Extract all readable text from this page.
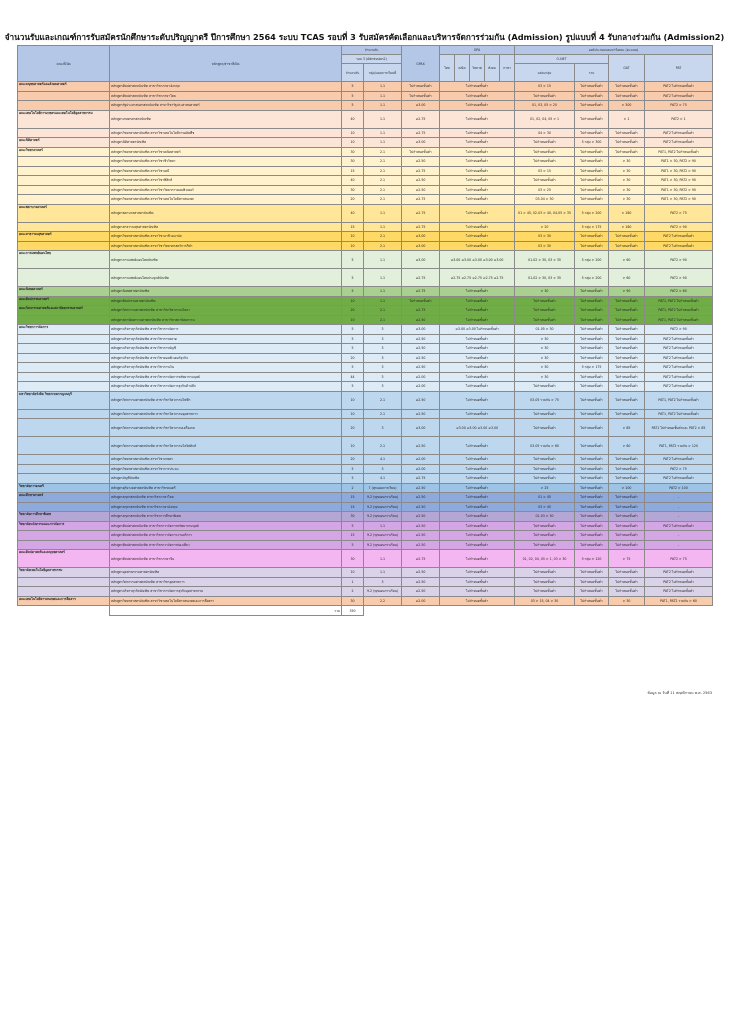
จำนวนรับและเกณฑ์การรับสมัครนักศึกษาระดับปริญญาตรี ปีการศึกษา 2564 ระบบ TCAS รอบที่ 3 รับสมัครคัดเลือกและบริหารจัดการร่วมกัน (Admission) รูปแบบที่ 4 รับกลางร่วมกัน (Admission2)
คณะที่เปิด	หลักสูตร/สาขาที่เปิด	จำนวนรับ		GPAX	GPA					องค์ประกอบและค่าร้อยละ (คะแนน)			
		รอบ 3 (Admission2)			ไทย	คณิต	วิทยาศ	สังคม	ภาษา	O-NET		GAT	PAT
		จำนวนรับ	กลุ่ม/แผนการเรียนที่							แต่ละกลุ่ม	รวม		

คณะมนุษยศาสตร์และสังคมศาสตร์	หลักสูตรศิลปศาสตรบัณฑิต สาขาวิชาภาษาอังกฤษ	5	1.1	ไม่กำหนดขั้นต่ำ	ไม่กำหนดขั้นต่ำ					03 > 15	ไม่กำหนดขั้นต่ำ	ไม่กำหนดขั้นต่ำ	PAT2 ไม่กำหนดขั้นต่ำ
	หลักสูตรศิลปศาสตรบัณฑิต สาขาวิชาภาษาไทย	5	1.1	ไม่กำหนดขั้นต่ำ	ไม่กำหนดขั้นต่ำ					ไม่กำหนดขั้นต่ำ	ไม่กำหนดขั้นต่ำ	ไม่กำหนดขั้นต่ำ	PAT2 ไม่กำหนดขั้นต่ำ
	หลักสูตรรัฐประศาสนศาสตรบัณฑิต สาขาวิชารัฐประศาสนศาสตร์	5	1.1	≥3.00	ไม่กำหนดขั้นต่ำ					01, 03, 05 > 20	ไม่กำหนดขั้นต่ำ	> 300	PAT2 > 75
คณะเทคโนโลยีการเกษตรและเทคโนโลยีอุตสาหกรรม	หลักสูตรเกษตรศาสตรบัณฑิต	40	1.1	≥2.75	ไม่กำหนดขั้นต่ำ					01, 02, 04, 05 > 1	ไม่กำหนดขั้นต่ำ	> 1	PAT2 > 1
	หลักสูตรวิทยาศาสตรบัณฑิต สาขาวิชาเทคโนโลยีการผลิตพืช	10	1.1	≥2.75	ไม่กำหนดขั้นต่ำ					04 > 30	ไม่กำหนดขั้นต่ำ	ไม่กำหนดขั้นต่ำ	PAT2 ไม่กำหนดขั้นต่ำ
คณะนิติศาสตร์	หลักสูตรนิติศาสตรบัณฑิต	10	1.1	≥3.00	ไม่กำหนดขั้นต่ำ					ไม่กำหนดขั้นต่ำ	5 กลุ่ม > 300	ไม่กำหนดขั้นต่ำ	PAT2 ไม่กำหนดขั้นต่ำ
คณะวิทยาศาสตร์	หลักสูตรวิทยาศาสตรบัณฑิต สาขาวิชาคณิตศาสตร์	30	2.1	ไม่กำหนดขั้นต่ำ	ไม่กำหนดขั้นต่ำ					ไม่กำหนดขั้นต่ำ	ไม่กำหนดขั้นต่ำ	ไม่กำหนดขั้นต่ำ	PAT1, PAT2 ไม่กำหนดขั้นต่ำ
	หลักสูตรวิทยาศาสตรบัณฑิต สาขาวิชาชีววิทยา	30	2.1	≥2.50	ไม่กำหนดขั้นต่ำ					ไม่กำหนดขั้นต่ำ	ไม่กำหนดขั้นต่ำ	> 30	PAT1 > 30, PAT2 > 90
	หลักสูตรวิทยาศาสตรบัณฑิต สาขาวิชาเคมี	15	2.1	≥2.75	ไม่กำหนดขั้นต่ำ					03 > 15	ไม่กำหนดขั้นต่ำ	> 30	PAT1 > 30, PAT2 > 90
	หลักสูตรวิทยาศาสตรบัณฑิต สาขาวิชาฟิสิกส์	40	2.1	≥2.50	ไม่กำหนดขั้นต่ำ					ไม่กำหนดขั้นต่ำ	ไม่กำหนดขั้นต่ำ	> 30	PAT1 > 30, PAT2 > 90
	หลักสูตรวิทยาศาสตรบัณฑิต สาขาวิชาวิทยาการคอมพิวเตอร์	30	2.1	≥2.50	ไม่กำหนดขั้นต่ำ					03 > 25	ไม่กำหนดขั้นต่ำ	> 30	PAT1 > 30, PAT2 > 90
	หลักสูตรวิทยาศาสตรบัณฑิต สาขาวิชาเทคโนโลยีสารสนเทศ	20	2.1	≥2.75	ไม่กำหนดขั้นต่ำ					03-04 > 30	ไม่กำหนดขั้นต่ำ	> 30	PAT1 > 30, PAT2 > 90
คณะพยาบาลศาสตร์	หลักสูตรพยาบาลศาสตรบัณฑิต	40	1.1	≥2.75	ไม่กำหนดขั้นต่ำ					01 > 45, 02-03 > 40, 04-05 > 35	5 กลุ่ม > 200	> 180	PAT2 > 75
	หลักสูตรสาธารณสุขศาสตรบัณฑิต	15	1.1	≥2.75	ไม่กำหนดขั้นต่ำ					> 20	5 กลุ่ม > 175	> 180	PAT2 > 90
คณะสาธารณสุขศาสตร์	หลักสูตรวิทยาศาสตรบัณฑิต สาขาวิชาอาชีวอนามัย	10	2.1	≥3.00	ไม่กำหนดขั้นต่ำ					03 > 30	ไม่กำหนดขั้นต่ำ	ไม่กำหนดขั้นต่ำ	PAT2 ไม่กำหนดขั้นต่ำ
	หลักสูตรวิทยาศาสตรบัณฑิต สาขาวิชาวิทยาศาสตร์การกีฬา	10	2.1	≥3.00	ไม่กำหนดขั้นต่ำ					03 > 30	ไม่กำหนดขั้นต่ำ	ไม่กำหนดขั้นต่ำ	PAT2 ไม่กำหนดขั้นต่ำ
คณะการแพทย์แผนไทย	หลักสูตรการแพทย์แผนไทยบัณฑิต	5	1.1	≥3.00	≥3.00 ≥3.00 ≥3.00 ≥3.00 ≥3.00					01-02 > 30, 03 > 35	5 กลุ่ม > 200	> 60	PAT2 > 90
	หลักสูตรการแพทย์แผนไทยประยุกต์บัณฑิต	5	1.1	≥2.75	≥2.75 ≥2.75 ≥2.75 ≥2.75 ≥2.75					01-02 > 30, 03 > 35	5 กลุ่ม > 200	> 60	PAT2 > 90
คณะนิเทศศาสตร์	หลักสูตรนิเทศศาสตรบัณฑิต	5	1.1	≥2.75	ไม่กำหนดขั้นต่ำ					> 30	ไม่กำหนดขั้นต่ำ	> 90	PAT2 > 60
คณะศิลปกรรมศาสตร์	หลักสูตรศิลปกรรมศาสตรบัณฑิต	10	1.1	ไม่กำหนดขั้นต่ำ	ไม่กำหนดขั้นต่ำ					ไม่กำหนดขั้นต่ำ	ไม่กำหนดขั้นต่ำ	ไม่กำหนดขั้นต่ำ	PAT1, PAT2 ไม่กำหนดขั้นต่ำ
คณะวิศวกรรมศาสตร์และสถาปัตยกรรมศาสตร์	หลักสูตรวิศวกรรมศาสตรบัณฑิต สาขาวิชาวิศวกรรมโยธา	20	2.1	≥2.75	ไม่กำหนดขั้นต่ำ					ไม่กำหนดขั้นต่ำ	ไม่กำหนดขั้นต่ำ	ไม่กำหนดขั้นต่ำ	PAT1, PAT2 ไม่กำหนดขั้นต่ำ
	หลักสูตรสถาปัตยกรรมศาสตรบัณฑิต สาขาวิชาสถาปัตยกรรม	10	2.1	≥2.50	ไม่กำหนดขั้นต่ำ					ไม่กำหนดขั้นต่ำ	ไม่กำหนดขั้นต่ำ	ไม่กำหนดขั้นต่ำ	PAT1, PAT2 ไม่กำหนดขั้นต่ำ
คณะวิทยาการจัดการ	หลักสูตรบริหารธุรกิจบัณฑิต สาขาวิชาการจัดการ	5	3	≥3.00	≥3.00 ≥3.00 ไม่กำหนดขั้นต่ำ					01-05 > 30	ไม่กำหนดขั้นต่ำ	ไม่กำหนดขั้นต่ำ	PAT2 > 90
	หลักสูตรบริหารธุรกิจบัณฑิต สาขาวิชาการตลาด	5	3	≥2.50	ไม่กำหนดขั้นต่ำ					> 30	ไม่กำหนดขั้นต่ำ	ไม่กำหนดขั้นต่ำ	PAT2 ไม่กำหนดขั้นต่ำ
	หลักสูตรบริหารธุรกิจบัณฑิต สาขาวิชาการบัญชี	5	3	≥2.50	ไม่กำหนดขั้นต่ำ					> 30	ไม่กำหนดขั้นต่ำ	ไม่กำหนดขั้นต่ำ	PAT2 ไม่กำหนดขั้นต่ำ
	หลักสูตรบริหารธุรกิจบัณฑิต สาขาวิชาคอมพิวเตอร์ธุรกิจ	20	3	≥2.50	ไม่กำหนดขั้นต่ำ					> 30	ไม่กำหนดขั้นต่ำ	ไม่กำหนดขั้นต่ำ	PAT2 ไม่กำหนดขั้นต่ำ
	หลักสูตรบริหารธุรกิจบัณฑิต สาขาวิชาการเงิน	5	3	≥2.50	ไม่กำหนดขั้นต่ำ					> 30	5 กลุ่ม > 175	ไม่กำหนดขั้นต่ำ	PAT2 ไม่กำหนดขั้นต่ำ
	หลักสูตรบริหารธุรกิจบัณฑิต สาขาวิชาการจัดการทรัพยากรมนุษย์	44	3	≥2.00	ไม่กำหนดขั้นต่ำ					> 30	ไม่กำหนดขั้นต่ำ	ไม่กำหนดขั้นต่ำ	PAT2 ไม่กำหนดขั้นต่ำ
	หลักสูตรบริหารธุรกิจบัณฑิต สาขาวิชาการจัดการธุรกิจค้าปลีก	5	3	≥2.00	ไม่กำหนดขั้นต่ำ					ไม่กำหนดขั้นต่ำ	ไม่กำหนดขั้นต่ำ	ไม่กำหนดขั้นต่ำ	PAT2 ไม่กำหนดขั้นต่ำ
มหาวิทยาลัยรังสิต วิทยาเขตกาญจนบุรี	หลักสูตรวิศวกรรมศาสตรบัณฑิต สาขาวิชาวิศวกรรมไฟฟ้า	10	2.1	≥2.50	ไม่กำหนดขั้นต่ำ					03-05 รวมกัน > 75	ไม่กำหนดขั้นต่ำ	ไม่กำหนดขั้นต่ำ	PAT1, PAT2 ไม่กำหนดขั้นต่ำ
	หลักสูตรวิศวกรรมศาสตรบัณฑิต สาขาวิชาวิศวกรรมอุตสาหการ	10	2.1	≥2.50	ไม่กำหนดขั้นต่ำ					ไม่กำหนดขั้นต่ำ	ไม่กำหนดขั้นต่ำ	ไม่กำหนดขั้นต่ำ	PAT1, PAT2 ไม่กำหนดขั้นต่ำ
	หลักสูตรวิศวกรรมศาสตรบัณฑิต สาขาวิชาวิศวกรรมเครื่องกล	20	3	≥3.00	≥3.00 ≥3.00 ≥3.00 ≥3.00					ไม่กำหนดขั้นต่ำ	ไม่กำหนดขั้นต่ำ	> 85	PAT1 ไม่กำหนดขั้นต่ำและ PAT2 > 85
	หลักสูตรวิศวกรรมศาสตรบัณฑิต สาขาวิชาวิศวกรรมโลจิสติกส์	10	2.1	≥2.50	ไม่กำหนดขั้นต่ำ					03-05 รวมกัน > 60	ไม่กำหนดขั้นต่ำ	> 60	PAT1, PAT2 รวมกัน > 120
	หลักสูตรวิทยาศาสตรบัณฑิต สาขาวิชาเกษตร	20	4.1	≥2.00	ไม่กำหนดขั้นต่ำ					ไม่กำหนดขั้นต่ำ	ไม่กำหนดขั้นต่ำ	ไม่กำหนดขั้นต่ำ	PAT2 ไม่กำหนดขั้นต่ำ
	หลักสูตรวิทยาศาสตรบัณฑิต สาขาวิชาการประมง	5	3	≥2.00	ไม่กำหนดขั้นต่ำ					ไม่กำหนดขั้นต่ำ	ไม่กำหนดขั้นต่ำ	ไม่กำหนดขั้นต่ำ	PAT2 > 75
	หลักสูตรบัญชีบัณฑิต	5	4.1	≥2.75	ไม่กำหนดขั้นต่ำ					ไม่กำหนดขั้นต่ำ	ไม่กำหนดขั้นต่ำ	ไม่กำหนดขั้นต่ำ	PAT2 ไม่กำหนดขั้นต่ำ
วิทยาลัยการดนตรี	หลักสูตรดุริยางคศาสตรบัณฑิต สาขาวิชาดนตรี	2	7 (ทุกแผนการเรียน)	≥2.50	ไม่กำหนดขั้นต่ำ					> 25	ไม่กำหนดขั้นต่ำ	> 100	PAT2 > 100
คณะศึกษาศาสตร์	หลักสูตรครุศาสตรบัณฑิต สาขาวิชาภาษาไทย	15	9.2 (ทุกแผนการเรียน)	≥2.50	ไม่กำหนดขั้นต่ำ					01 > 45	ไม่กำหนดขั้นต่ำ	ไม่กำหนดขั้นต่ำ	-
	หลักสูตรครุศาสตรบัณฑิต สาขาวิชาภาษาอังกฤษ	15	9.2 (ทุกแผนการเรียน)	≥2.50	ไม่กำหนดขั้นต่ำ					03 > 45	ไม่กำหนดขั้นต่ำ	ไม่กำหนดขั้นต่ำ	-
วิทยาลัยการศึกษาพิเศษ	หลักสูตรครุศาสตรบัณฑิต สาขาวิชาการศึกษาพิเศษ	30	9.2 (ทุกแผนการเรียน)	≥2.50	ไม่กำหนดขั้นต่ำ					01-03 > 30	ไม่กำหนดขั้นต่ำ	ไม่กำหนดขั้นต่ำ	-
วิทยาลัยนวัตกรรมและการจัดการ	หลักสูตรศิลปศาสตรบัณฑิต สาขาวิชาการจัดการทรัพยากรมนุษย์	5	1.1	≥2.50	ไม่กำหนดขั้นต่ำ					ไม่กำหนดขั้นต่ำ	ไม่กำหนดขั้นต่ำ	ไม่กำหนดขั้นต่ำ	PAT2 ไม่กำหนดขั้นต่ำ
	หลักสูตรศิลปศาสตรบัณฑิต สาขาวิชาการจัดการงานบริการ	15	9.2 (ทุกแผนการเรียน)	≥2.50	ไม่กำหนดขั้นต่ำ					ไม่กำหนดขั้นต่ำ	ไม่กำหนดขั้นต่ำ	ไม่กำหนดขั้นต่ำ	-
	หลักสูตรศิลปศาสตรบัณฑิต สาขาวิชาการจัดการท่องเที่ยว	5	9.2 (ทุกแผนการเรียน)	≥2.50	ไม่กำหนดขั้นต่ำ					ไม่กำหนดขั้นต่ำ	ไม่กำหนดขั้นต่ำ	ไม่กำหนดขั้นต่ำ	-
คณะศิลปศาสตร์และมนุษยศาสตร์	หลักสูตรศิลปศาสตรบัณฑิต สาขาวิชาภาษาจีน	30	1.1	≥2.75	ไม่กำหนดขั้นต่ำ					01, 02, 04, 05 > 1, 03 > 30	5 กลุ่ม > 120	> 75	PAT2 > 75
วิทยาลัยเทคโนโลยีอุตสาหกรรม	หลักสูตรอุตสาหกรรมศาสตรบัณฑิต	10	1.1	≥2.50	ไม่กำหนดขั้นต่ำ					ไม่กำหนดขั้นต่ำ	ไม่กำหนดขั้นต่ำ	ไม่กำหนดขั้นต่ำ	PAT2 ไม่กำหนดขั้นต่ำ
	หลักสูตรวิศวกรรมศาสตรบัณฑิต สาขาวิชาอุตสาหการ	1	3	≥2.50	ไม่กำหนดขั้นต่ำ					ไม่กำหนดขั้นต่ำ	ไม่กำหนดขั้นต่ำ	ไม่กำหนดขั้นต่ำ	PAT2 ไม่กำหนดขั้นต่ำ
	หลักสูตรบริหารธุรกิจบัณฑิต สาขาวิชาการจัดการธุรกิจอุตสาหกรรม	2	9.2 (ทุกแผนการเรียน)	≥2.50	ไม่กำหนดขั้นต่ำ					ไม่กำหนดขั้นต่ำ	ไม่กำหนดขั้นต่ำ	ไม่กำหนดขั้นต่ำ	PAT2 ไม่กำหนดขั้นต่ำ
คณะเทคโนโลยีสารสนเทศและการสื่อสาร	หลักสูตรวิทยาศาสตรบัณฑิต สาขาวิชาเทคโนโลยีสารสนเทศและการสื่อสาร	30	2.2	≥2.00	ไม่กำหนดขั้นต่ำ					03 > 15, 04 > 30	ไม่กำหนดขั้นต่ำ	> 30	PAT1, PAT2 รวมกัน > 60
	รวม	350											
ข้อมูล ณ วันที่ 11 พฤศจิกายน พ.ศ. 2563
